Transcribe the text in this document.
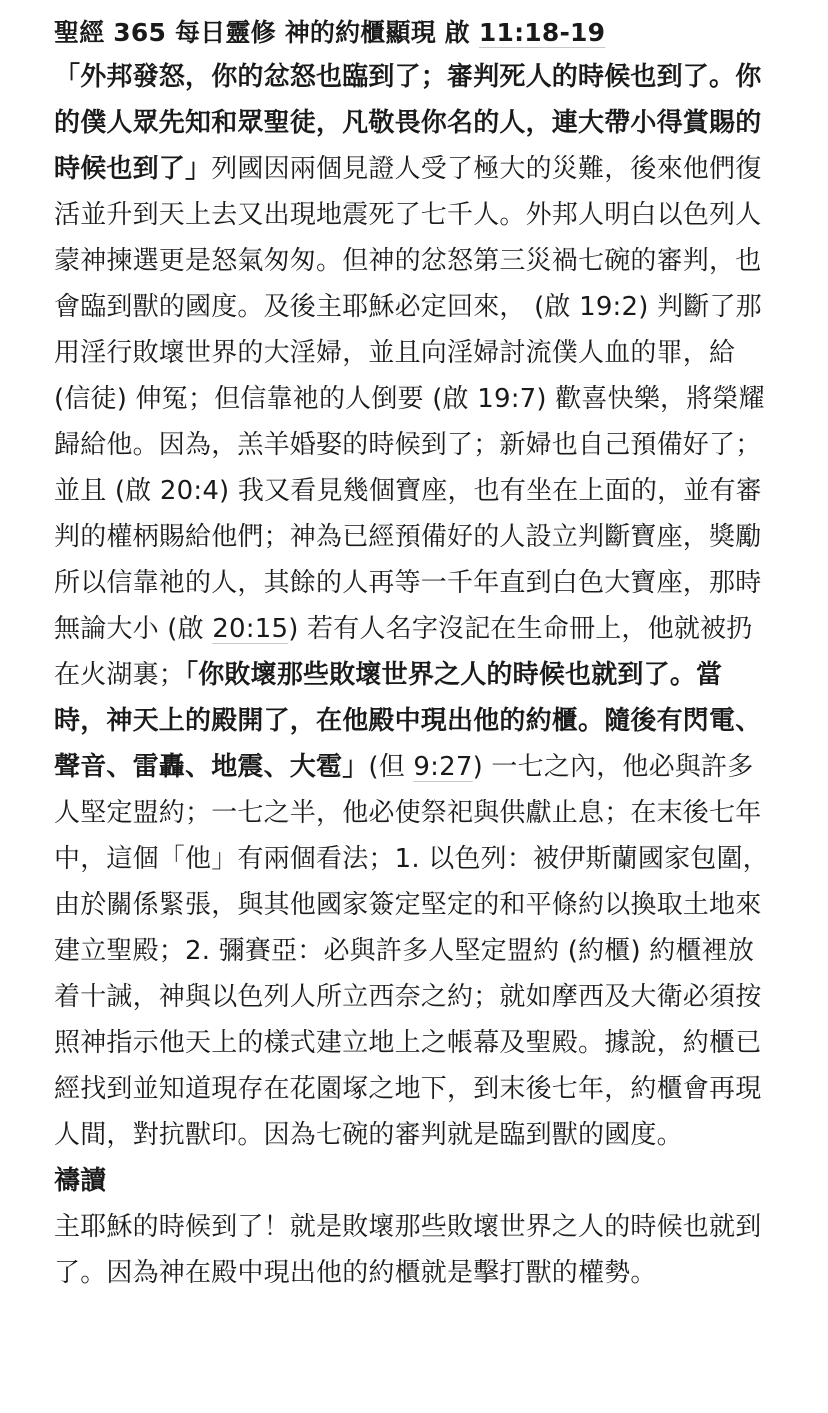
聖經 365 每日靈修 神的約櫃顯現 啟 11:18-19

「外邦發怒，你的忿怒也臨到了；審判死人的時候也到了。你的僕人眾先知和眾聖徒，凡敬畏你名的人，連大帶小得賞賜的時候也到了」列國因兩個見證人受了極大的災難，後來他們復活並升到天上去又出現地震死了七千人。外邦人明白以色列人蒙神揀選更是怒氣匆匆。但神的忿怒第三災禍七碗的審判，也會臨到獸的國度。及後主耶穌必定回來， (啟 19:2) 判斷了那用淫行敗壞世界的大淫婦，並且向淫婦討流僕人血的罪，給 (信徒) 伸冤；但信靠祂的人倒要 (啟 19:7) 歡喜快樂，將榮耀歸給他。因為，羔羊婚娶的時候到了；新婦也自己預備好了；並且 (啟 20:4) 我又看見幾個寶座，也有坐在上面的，並有審判的權柄賜給他們；神為已經預備好的人設立判斷寶座，獎勵所以信靠祂的人，其餘的人再等一千年直到白色大寶座，那時無論大小 (啟 20:15) 若有人名字沒記在生命冊上，他就被扔在火湖裏；「你敗壞那些敗壞世界之人的時候也就到了。當時，神天上的殿開了，在他殿中現出他的約櫃。隨後有閃電、聲音、雷轟、地震、大雹」(但 9:27) 一七之內，他必與許多人堅定盟約；一七之半，他必使祭祀與供獻止息；在末後七年中，這個「他」有兩個看法；1. 以色列：被伊斯蘭國家包圍，由於關係緊張，與其他國家簽定堅定的和平條約以換取土地來建立聖殿；2. 彌賽亞：必與許多人堅定盟約 (約櫃) 約櫃裡放着十誡，神與以色列人所立西奈之約；就如摩西及大衛必須按照神指示他天上的樣式建立地上之帳幕及聖殿。據說，約櫃已經找到並知道現存在花園塚之地下，到末後七年，約櫃會再現人間，對抗獸印。因為七碗的審判就是臨到獸的國度。

禱讀

主耶穌的時候到了！就是敗壞那些敗壞世界之人的時候也就到了。因為神在殿中現出他的約櫃就是擊打獸的權勢。
